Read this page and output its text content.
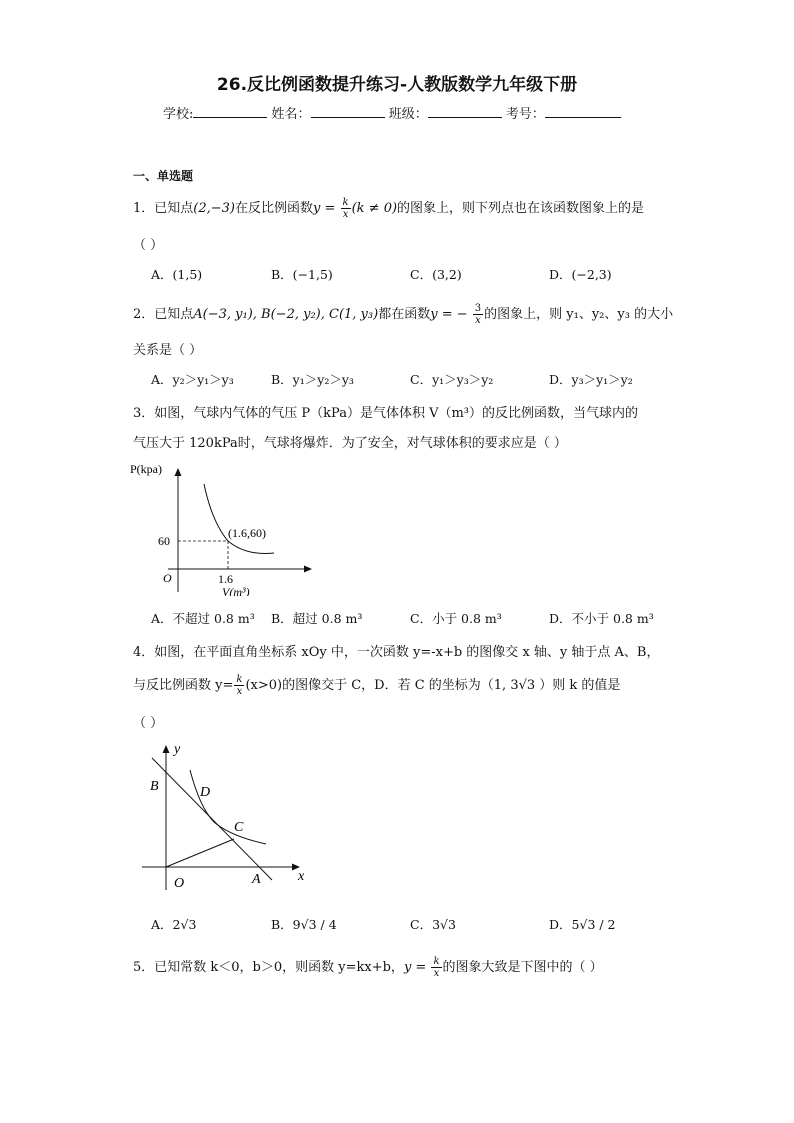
26.反比例函数提升练习-人教版数学九年级下册
学校:	姓名：	班级：	考号：
一、单选题
1．已知点(2,−3)在反比例函数$y = \frac{k}{x} (k \ne 0)$的图象上，则下列点也在该函数图象上的是
（ ）
A．(1,5)	B．(−1,5)	C．(3,2)	D．(−2,3)
2．已知点A(−3, y₁), B(−2, y₂), C(1, y₃)都在函数y = − $\frac{3}{x}$ 的图象上，则 y₁、y₂、y₃ 的大小
关系是（ ）
A．y₂＞y₁＞y₃	B．y₁＞y₂＞y₃	C．y₁＞y₃＞y₂	D．y₃＞y₁＞y₂
3．如图，气球内气体的气压 P（kPa）是气体体积 V（m³）的反比例函数，当气球内的
气压大于 120kPa时，气球将爆炸．为了安全，对气球体积的要求应是（ ）
P(kpa)
V(m³)
O
60
1.6
(1.6,60)
A．不超过 0.8 m³ B．超过 0.8 m³	C．小于 0.8 m³	D．不小于 0.8 m³
4．如图，在平面直角坐标系 xOy 中，一次函数 y=-x+b 的图像交 x 轴、y 轴于点 A、B，
与反比例函数 $y= \frac{k}{x} (x>0)$的图像交于 C，D．若 C 的坐标为（1, 3√3 ）则 k 的值是
（ ）
y
x
O
B	D
C
A
A．2√3	B．9√3 / 4	C．3√3	D．5√3 / 2
5．已知常数 k＜0，b＞0，则函数 y=kx+b，$y = \frac{k}{x}$ 的图象大致是下图中的（ ）
